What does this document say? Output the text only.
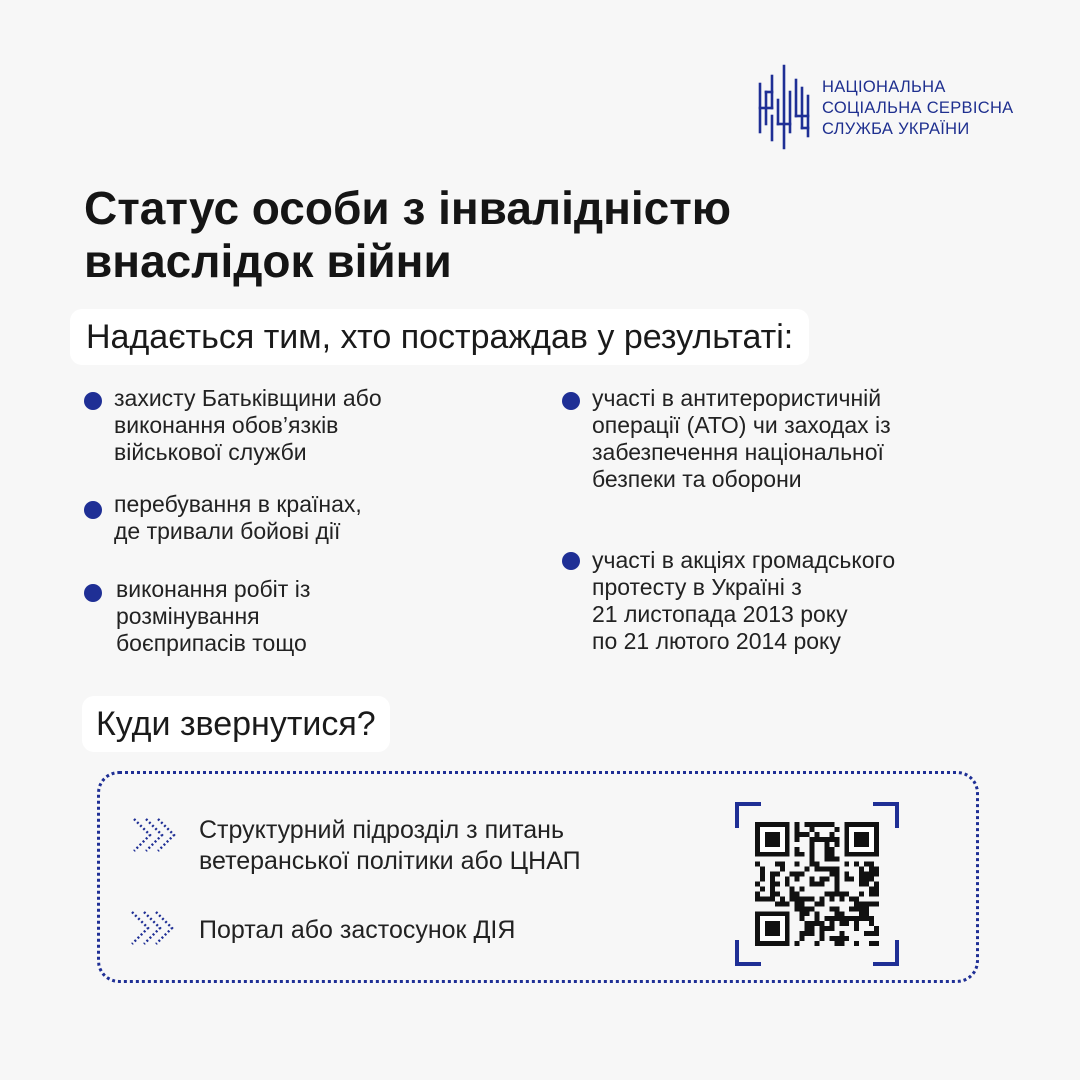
НАЦІОНАЛЬНА
СОЦІАЛЬНА СЕРВІСНА
СЛУЖБА УКРАЇНИ
Статус особи з інвалідністю
внаслідок війни
Надається тим, хто постраждав у результаті:
захисту Батьківщини або
виконання обов’язків
військової служби
перебування в країнах,
де тривали бойові дії
виконання робіт із
розмінування
боєприпасів тощо
участі в антитерористичній
операції (АТО) чи заходах із
забезпечення національної
безпеки та оборони
участі в акціях громадського
протесту в Україні з
21 листопада 2013 року
по 21 лютого 2014 року
Куди звернутися?
Структурний підрозділ з питань
ветеранської політики або ЦНАП
Портал або застосунок ДІЯ
